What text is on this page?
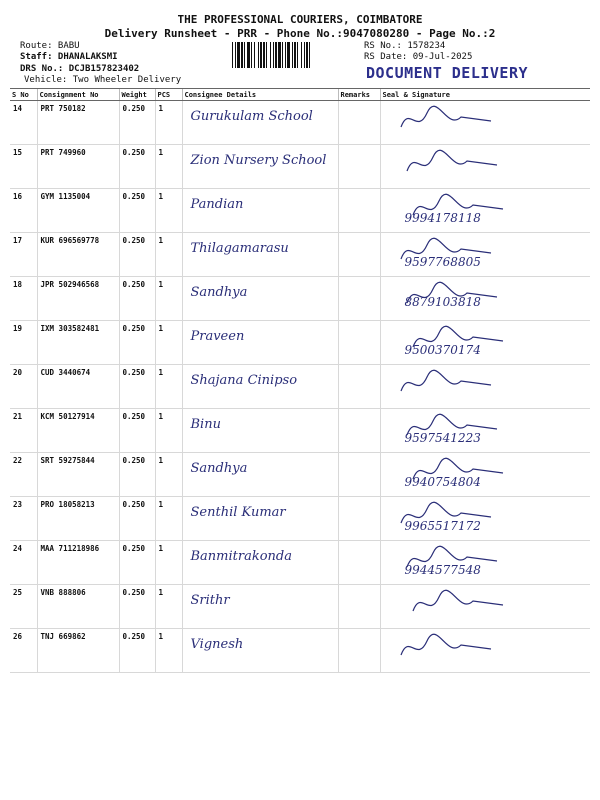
THE PROFESSIONAL COURIERS, COIMBATORE
Delivery Runsheet - PRR - Phone No.:9047080280 - Page No.:2
Route: BABU
Staff: DHANALAKSMI
DRS No.: DCJB157823402
Vehicle: Two Wheeler Delivery
RS No.: 1578234
RS Date: 09-Jul-2025
DOCUMENT DELIVERY
S No	Consignment No	Weight	PCS	Consignee Details	Remarks	Seal & Signature
14	PRT 750182	0.250	1	Gurukulam School

15	PRT 749960	0.250	1	Zion Nursery School

16	GYM 1135004	0.250	1	Pandian		9994178118

17	KUR 696569778	0.250	1	Thilagamarasu		9597768805

18	JPR 502946568	0.250	1	Sandhya		8879103818

19	IXM 303582481	0.250	1	Praveen		9500370174

20	CUD 3440674	0.250	1	Shajana Cinipso

21	KCM 50127914	0.250	1	Binu		9597541223

22	SRT 59275844	0.250	1	Sandhya		9940754804

23	PRO 18058213	0.250	1	Senthil Kumar		9965517172

24	MAA 711218986	0.250	1	Banmitrakonda		9944577548

25	VNB 888806	0.250	1	Srithr

26	TNJ 669862	0.250	1	Vignesh
